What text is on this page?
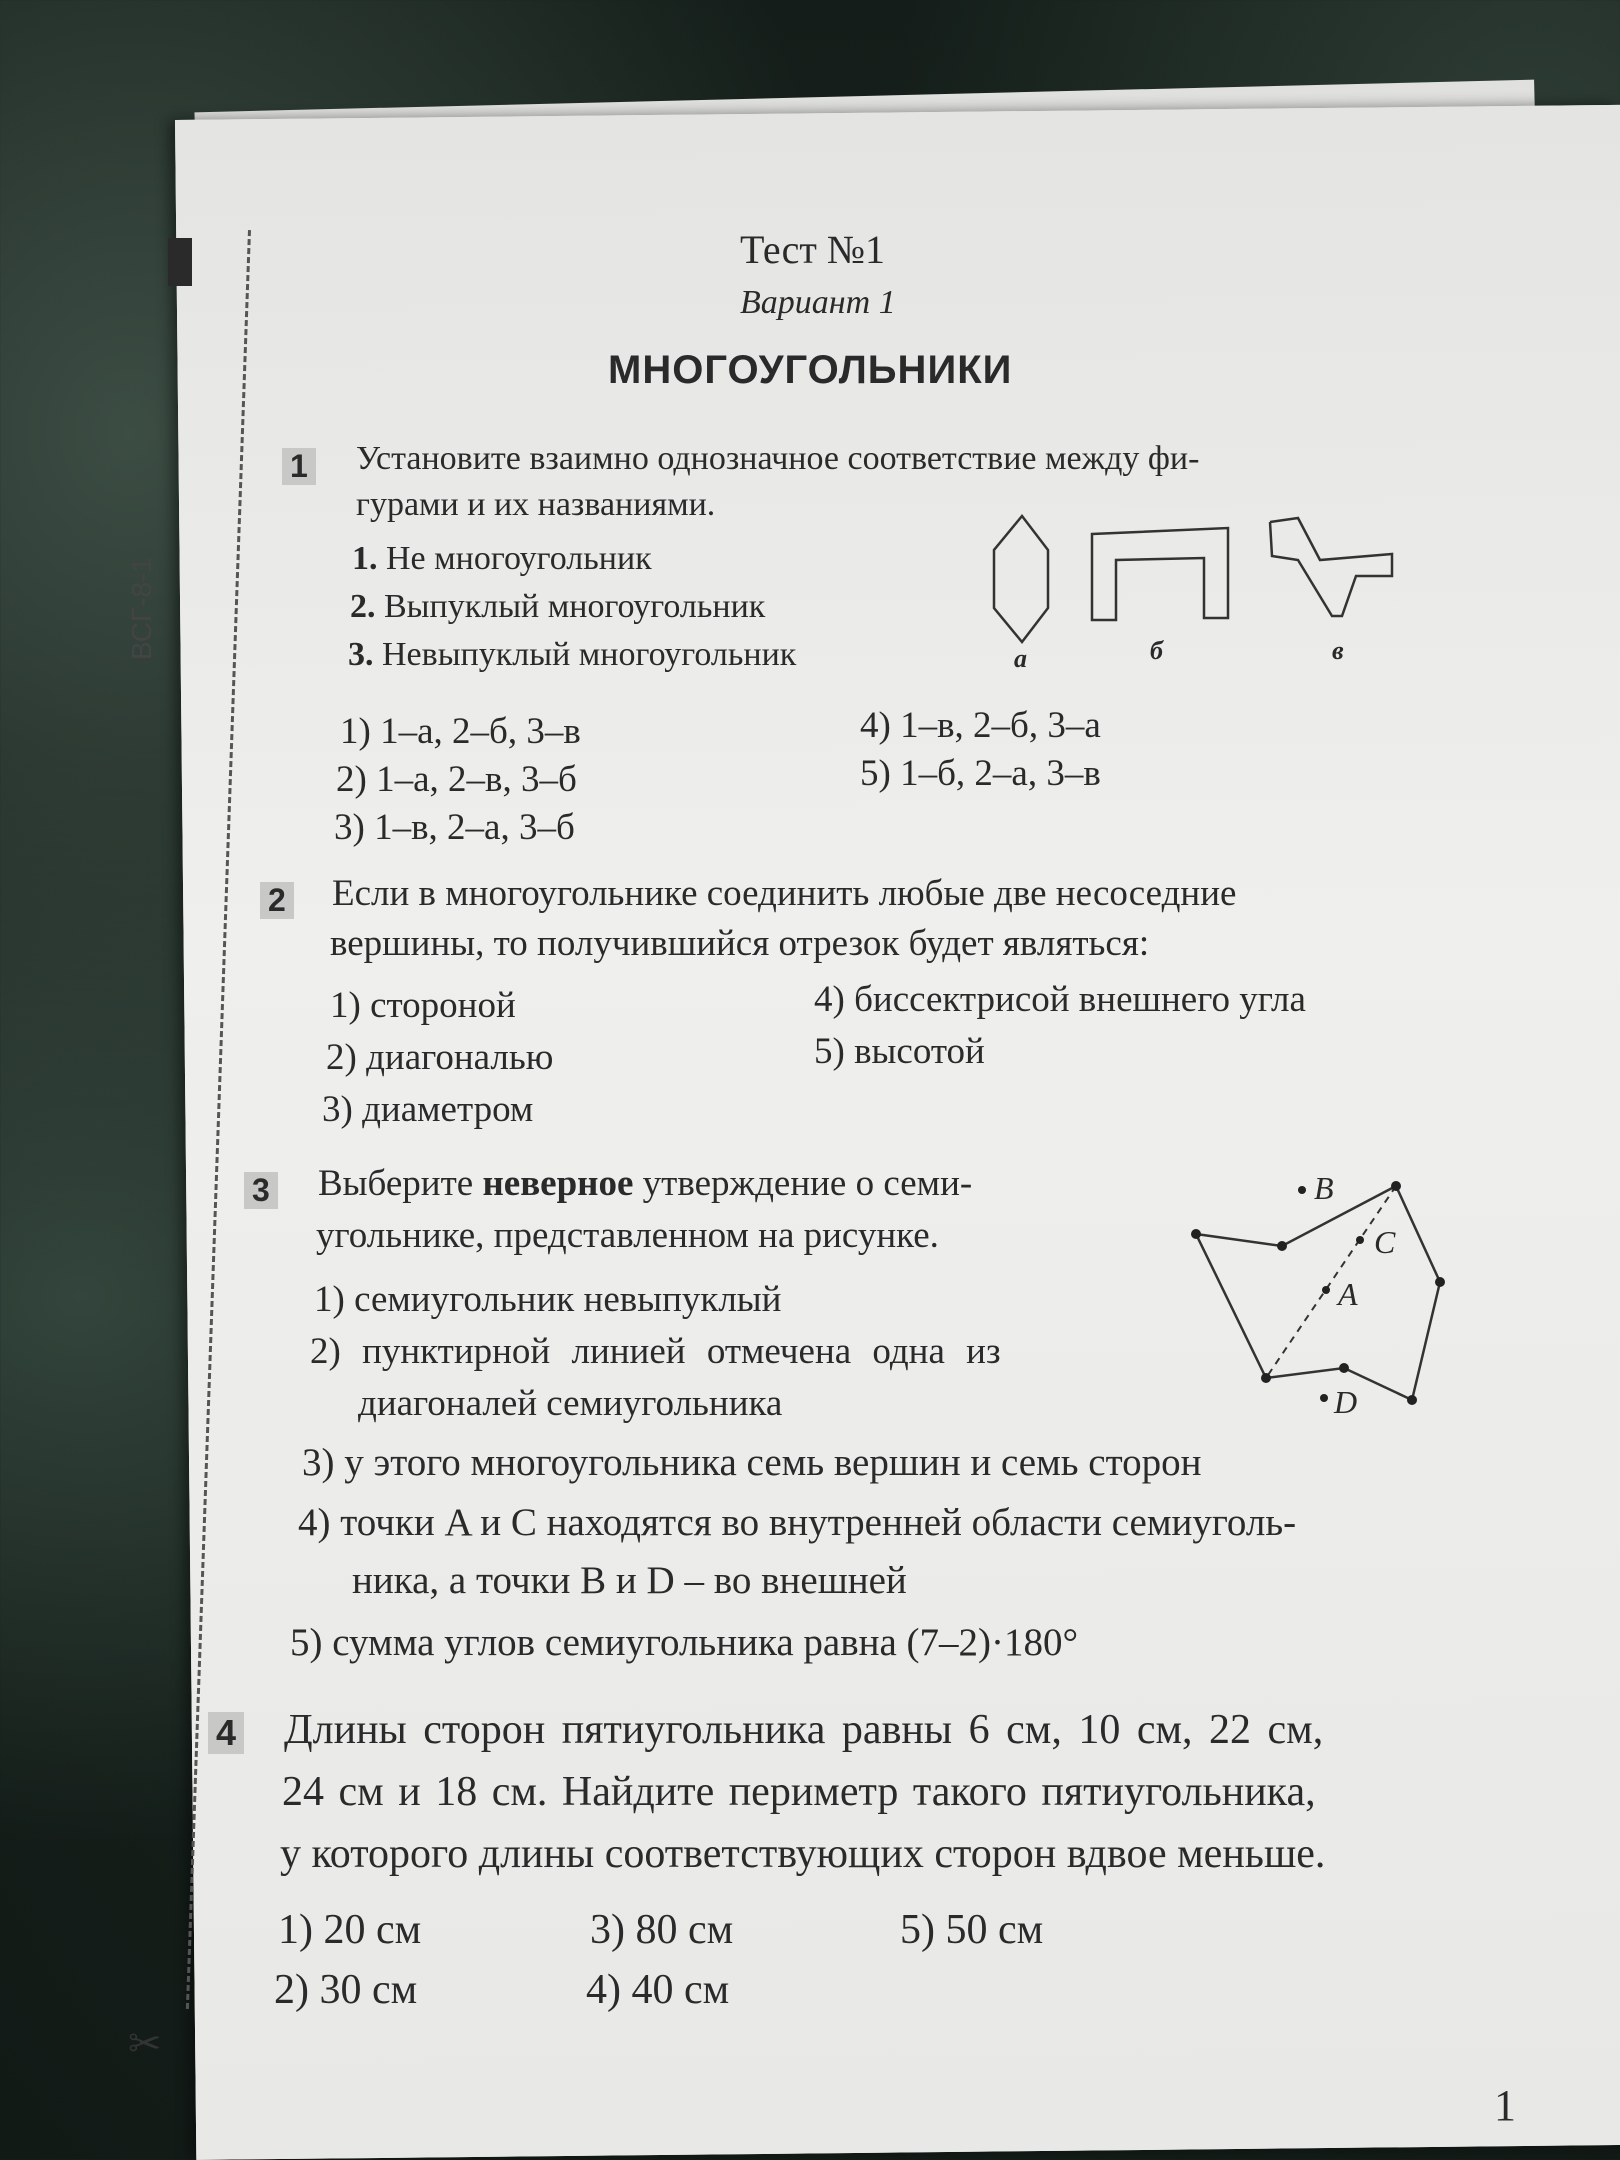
ВСГ-8-1
✂
Тест №1
Вариант 1
МНОГОУГОЛЬНИКИ
1 Установите взаимно однозначное соответствие между фи-
гурами и их названиями.
1. Не многоугольник
2. Выпуклый многоугольник
3. Невыпуклый многоугольник	а	б	в
1) 1–а, 2–б, 3–в
2) 1–а, 2–в, 3–б
3) 1–в, 2–а, 3–б
4) 1–в, 2–б, 3–а
5) 1–б, 2–а, 3–в
2 Если в многоугольнике соединить любые две несоседние
вершины, то получившийся отрезок будет являться:
1) стороной
2) диагональю
3) диаметром
4) биссектрисой внешнего угла
5) высотой
3 Выберите неверное утверждение о семи-
угольнике, представленном на рисунке.
1) семиугольник невыпуклый
2) пунктирной линией отмечена одна из
диагоналей семиугольника
3) у этого многоугольника семь вершин и семь сторон
4) точки A и C находятся во внутренней области семиуголь-
ника, а точки B и D – во внешней
5) сумма углов семиугольника равна (7–2)·180°
B
C
A
D
4 Длины сторон пятиугольника равны 6 см, 10 см, 22 см,
24 см и 18 см. Найдите периметр такого пятиугольника,
у которого длины соответствующих сторон вдвое меньше.
1) 20 см
2) 30 см
3) 80 см
4) 40 см
5) 50 см
1
